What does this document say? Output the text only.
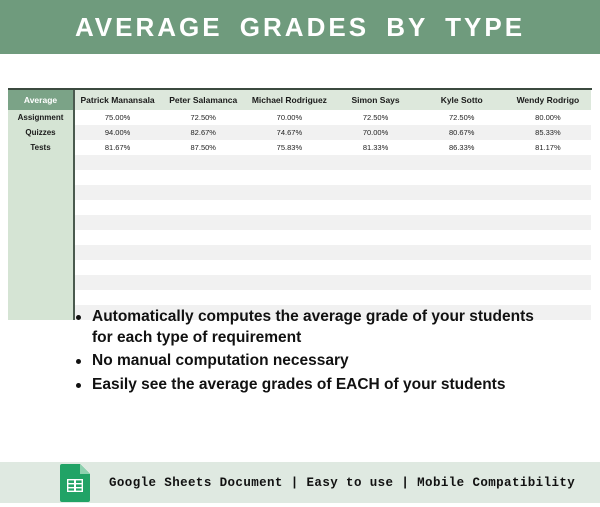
AVERAGE GRADES BY TYPE
Average	Patrick Manansala	Peter Salamanca	Michael Rodriguez	Simon Says	Kyle Sotto	Wendy Rodrigo
Assignment	75.00%	72.50%	70.00%	72.50%	72.50%	80.00%
Quizzes	94.00%	82.67%	74.67%	70.00%	80.67%	85.33%
Tests	81.67%	87.50%	75.83%	81.33%	86.33%	81.17%

Automatically computes the average grade of your students for each type of requirement
No manual computation necessary
Easily see the average grades of EACH of your students
Google Sheets Document | Easy to use | Mobile Compatibility
